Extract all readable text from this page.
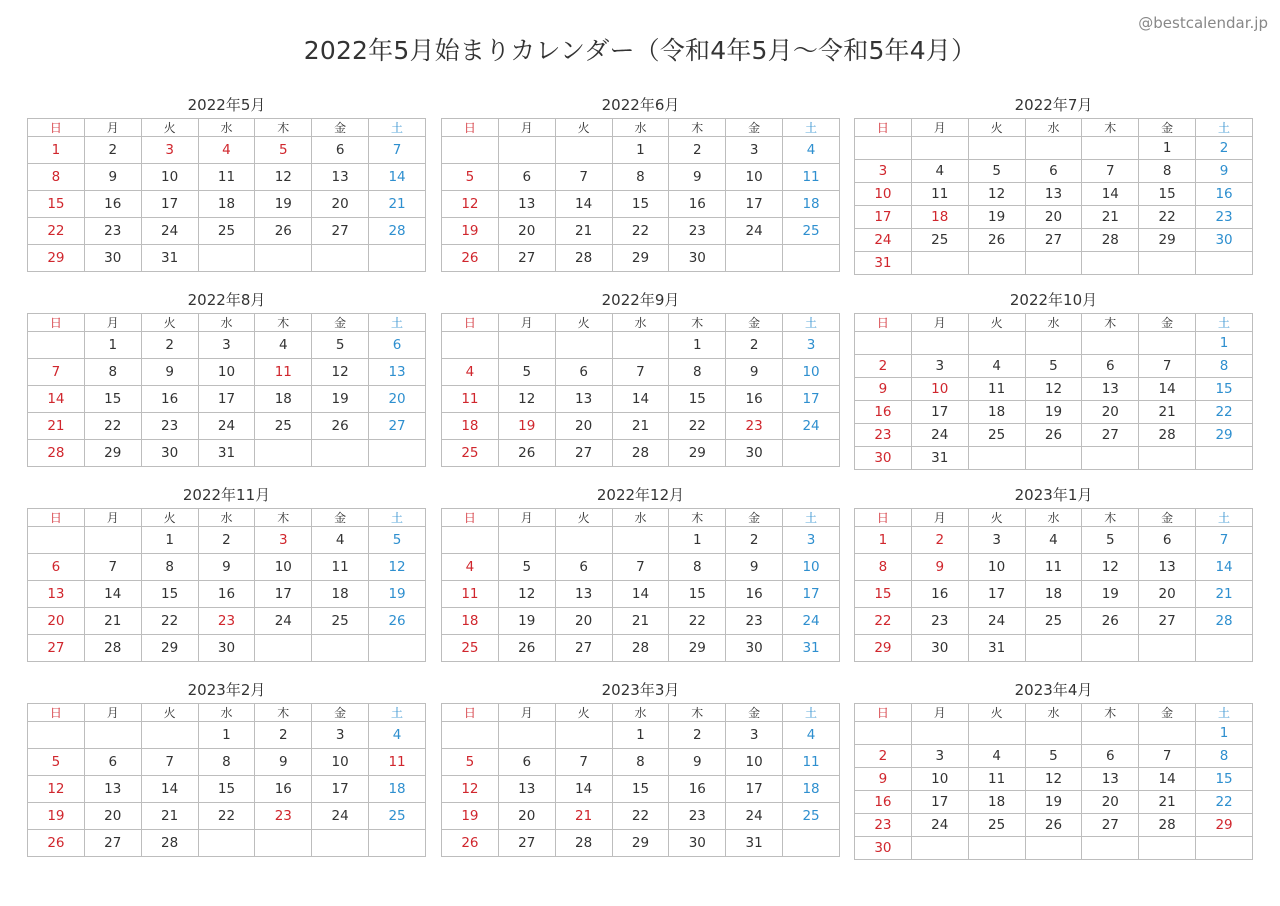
@bestcalendar.jp
2022年5月始まりカレンダー（令和4年5月〜令和5年4月）
2022年5月
日	月	火	水	木	金	土
1	2	3	4	5	6	7
8	9	10	11	12	13	14
15	16	17	18	19	20	21
22	23	24	25	26	27	28
29	30	31				
2022年6月
日	月	火	水	木	金	土
			1	2	3	4
5	6	7	8	9	10	11
12	13	14	15	16	17	18
19	20	21	22	23	24	25
26	27	28	29	30		
2022年7月
日	月	火	水	木	金	土
					1	2
3	4	5	6	7	8	9
10	11	12	13	14	15	16
17	18	19	20	21	22	23
24	25	26	27	28	29	30
31						
2022年8月
日	月	火	水	木	金	土
	1	2	3	4	5	6
7	8	9	10	11	12	13
14	15	16	17	18	19	20
21	22	23	24	25	26	27
28	29	30	31			
2022年9月
日	月	火	水	木	金	土
				1	2	3
4	5	6	7	8	9	10
11	12	13	14	15	16	17
18	19	20	21	22	23	24
25	26	27	28	29	30	
2022年10月
日	月	火	水	木	金	土
						1
2	3	4	5	6	7	8
9	10	11	12	13	14	15
16	17	18	19	20	21	22
23	24	25	26	27	28	29
30	31					
2022年11月
日	月	火	水	木	金	土
		1	2	3	4	5
6	7	8	9	10	11	12
13	14	15	16	17	18	19
20	21	22	23	24	25	26
27	28	29	30			
2022年12月
日	月	火	水	木	金	土
				1	2	3
4	5	6	7	8	9	10
11	12	13	14	15	16	17
18	19	20	21	22	23	24
25	26	27	28	29	30	31
2023年1月
日	月	火	水	木	金	土
1	2	3	4	5	6	7
8	9	10	11	12	13	14
15	16	17	18	19	20	21
22	23	24	25	26	27	28
29	30	31				
2023年2月
日	月	火	水	木	金	土
			1	2	3	4
5	6	7	8	9	10	11
12	13	14	15	16	17	18
19	20	21	22	23	24	25
26	27	28				
2023年3月
日	月	火	水	木	金	土
			1	2	3	4
5	6	7	8	9	10	11
12	13	14	15	16	17	18
19	20	21	22	23	24	25
26	27	28	29	30	31	
2023年4月
日	月	火	水	木	金	土
						1
2	3	4	5	6	7	8
9	10	11	12	13	14	15
16	17	18	19	20	21	22
23	24	25	26	27	28	29
30						
